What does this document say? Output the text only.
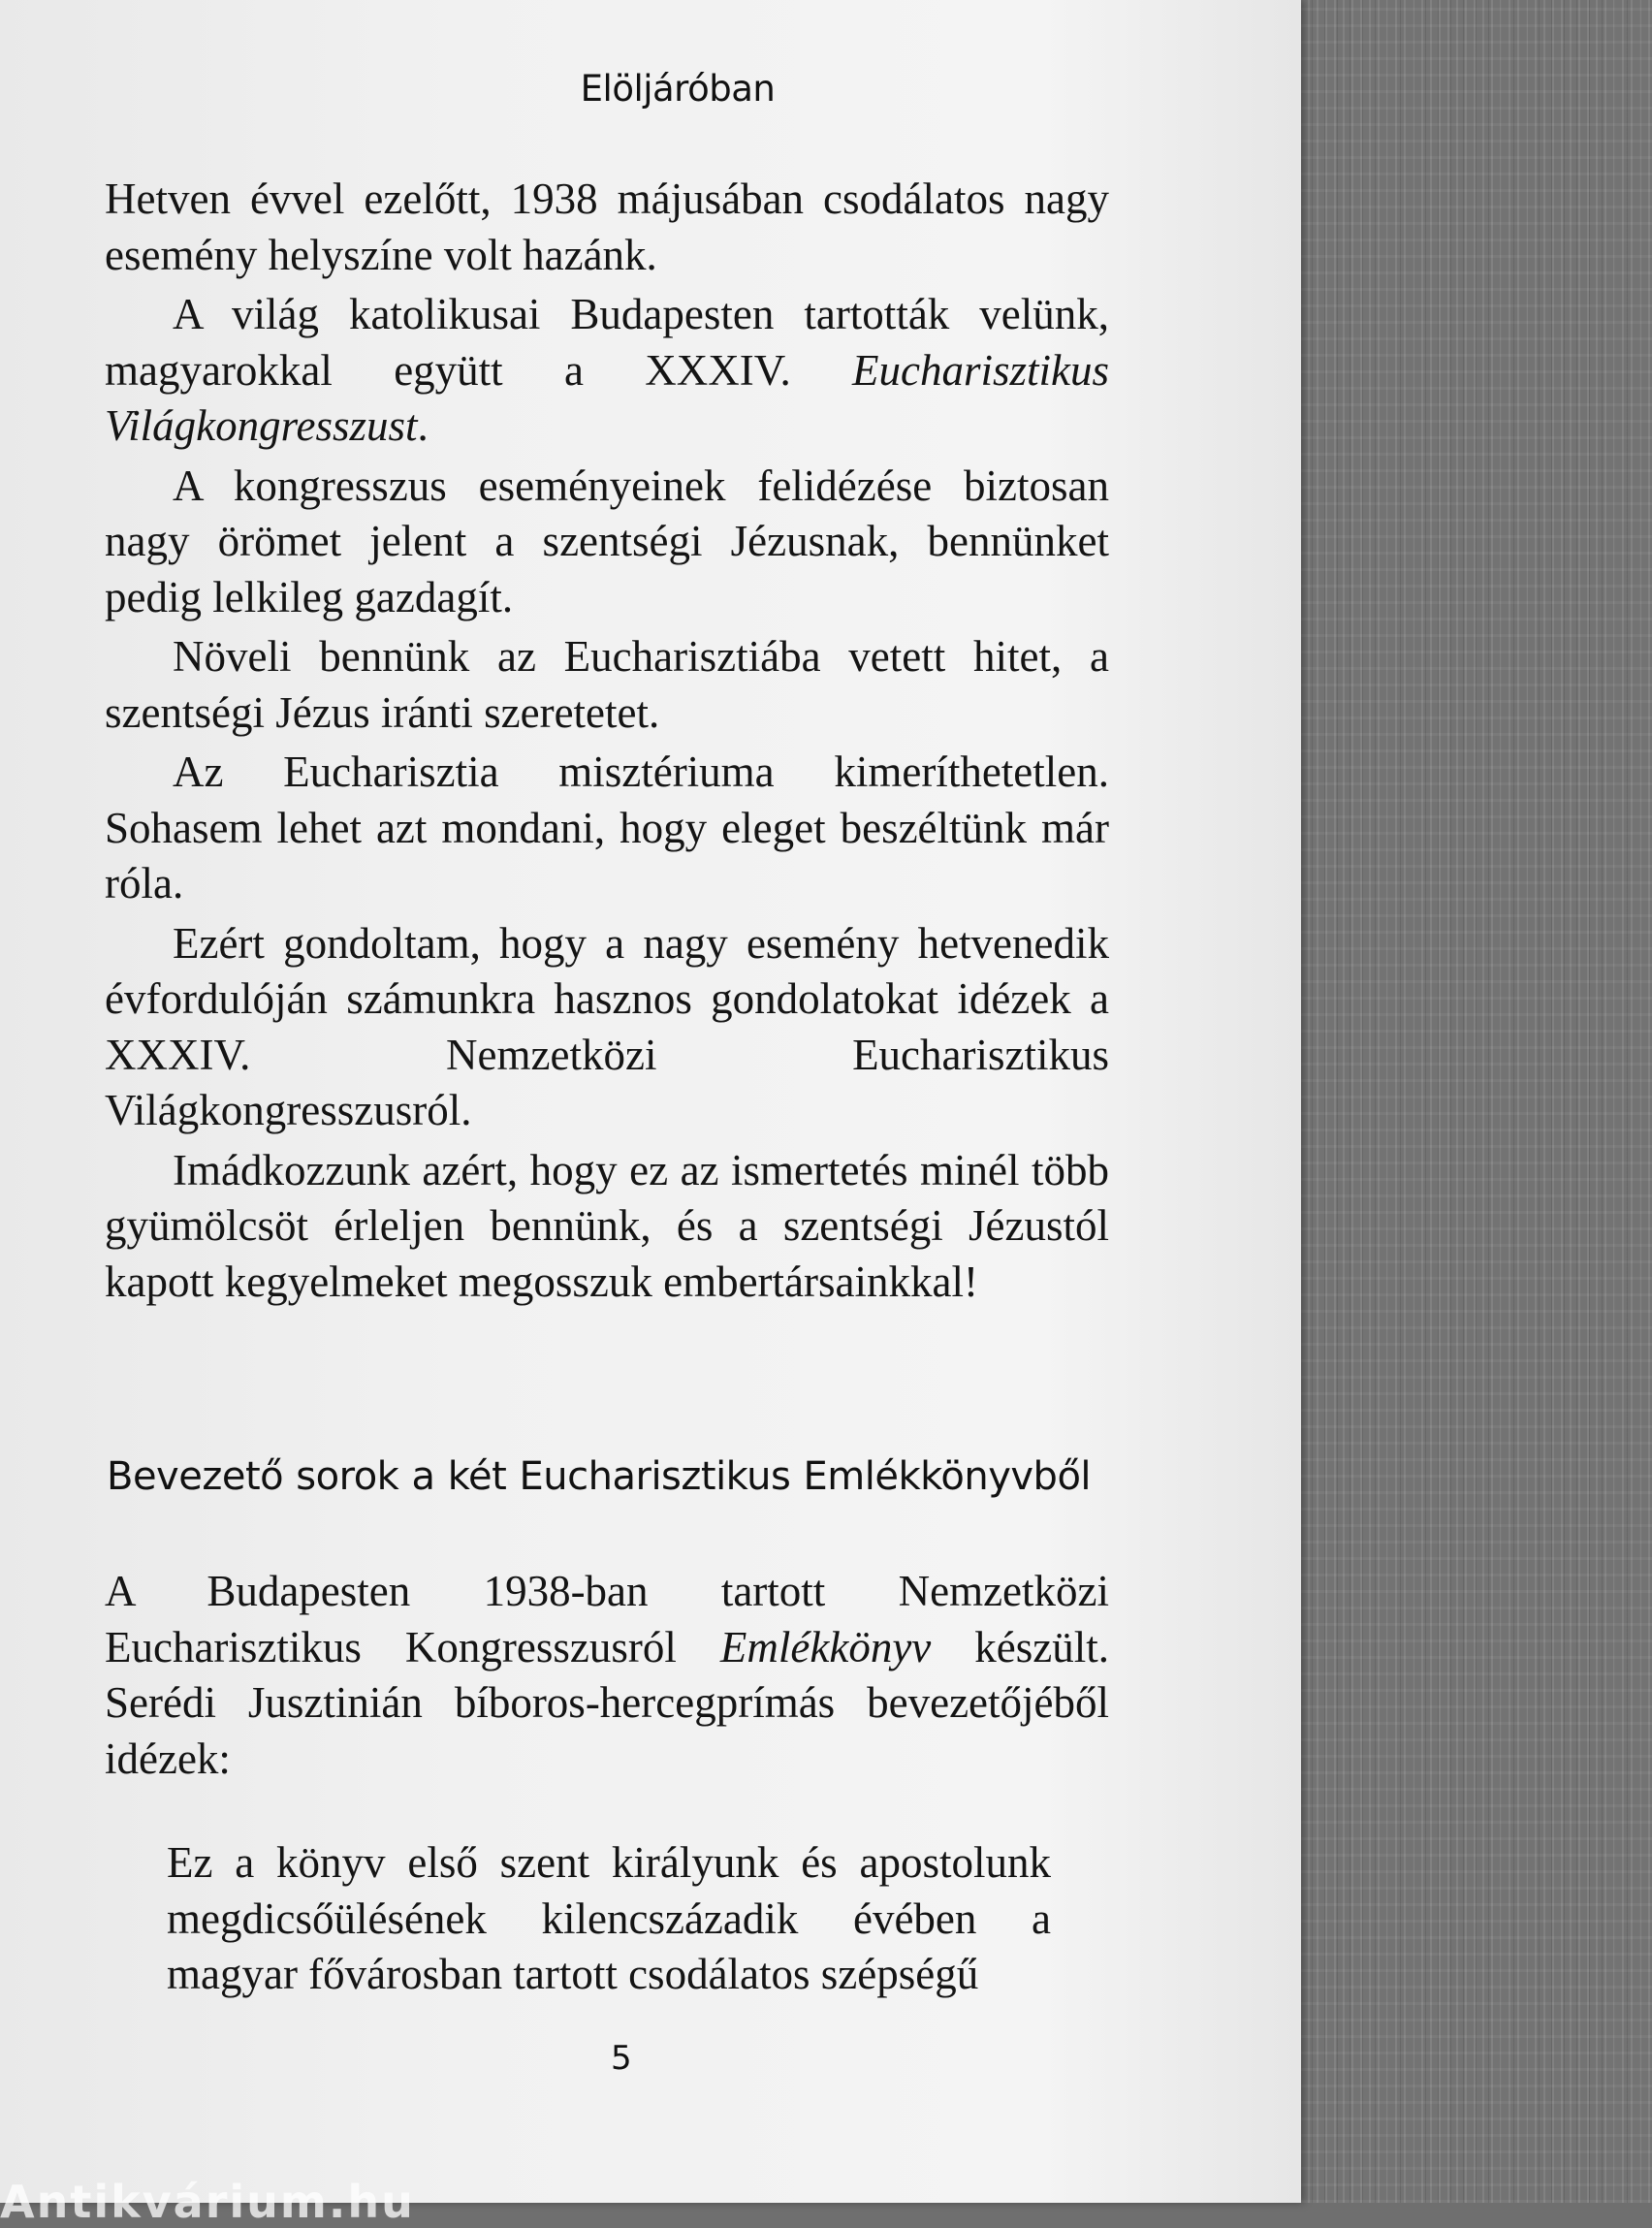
Elöljáróban

Hetven évvel ezelőtt, 1938 májusában csodálatos nagy esemény helyszíne volt hazánk.

A világ katolikusai Budapesten tartották velünk, magyarokkal együtt a XXXIV. Eucharisztikus Világkongresszust.

A kongresszus eseményeinek felidézése biztosan nagy örömet jelent a szentségi Jézusnak, bennünket pedig lelkileg gazdagít.

Növeli bennünk az Eucharisztiába vetett hitet, a szentségi Jézus iránti szeretetet.

Az Eucharisztia misztériuma kimeríthetetlen. Sohasem lehet azt mondani, hogy eleget beszéltünk már róla.

Ezért gondoltam, hogy a nagy esemény hetvenedik évfordulóján számunkra hasznos gondolatokat idézek a XXXIV. Nemzetközi Eucharisztikus Világkongresszusról.

Imádkozzunk azért, hogy ez az ismertetés minél több gyümölcsöt érleljen bennünk, és a szentségi Jézustól kapott kegyelmeket megosszuk embertársainkkal!

Bevezető sorok a két Eucharisztikus Emlékkönyvből

A Budapesten 1938-ban tartott Nemzetközi Eucharisztikus Kongresszusról Emlékkönyv készült. Serédi Jusztinián bíboros-hercegprímás bevezetőjéből idézek:

Ez a könyv első szent királyunk és apostolunk megdicsőülésének kilencszázadik évében a magyar fővárosban tartott csodálatos szépségű

5
Antikvárium.hu
